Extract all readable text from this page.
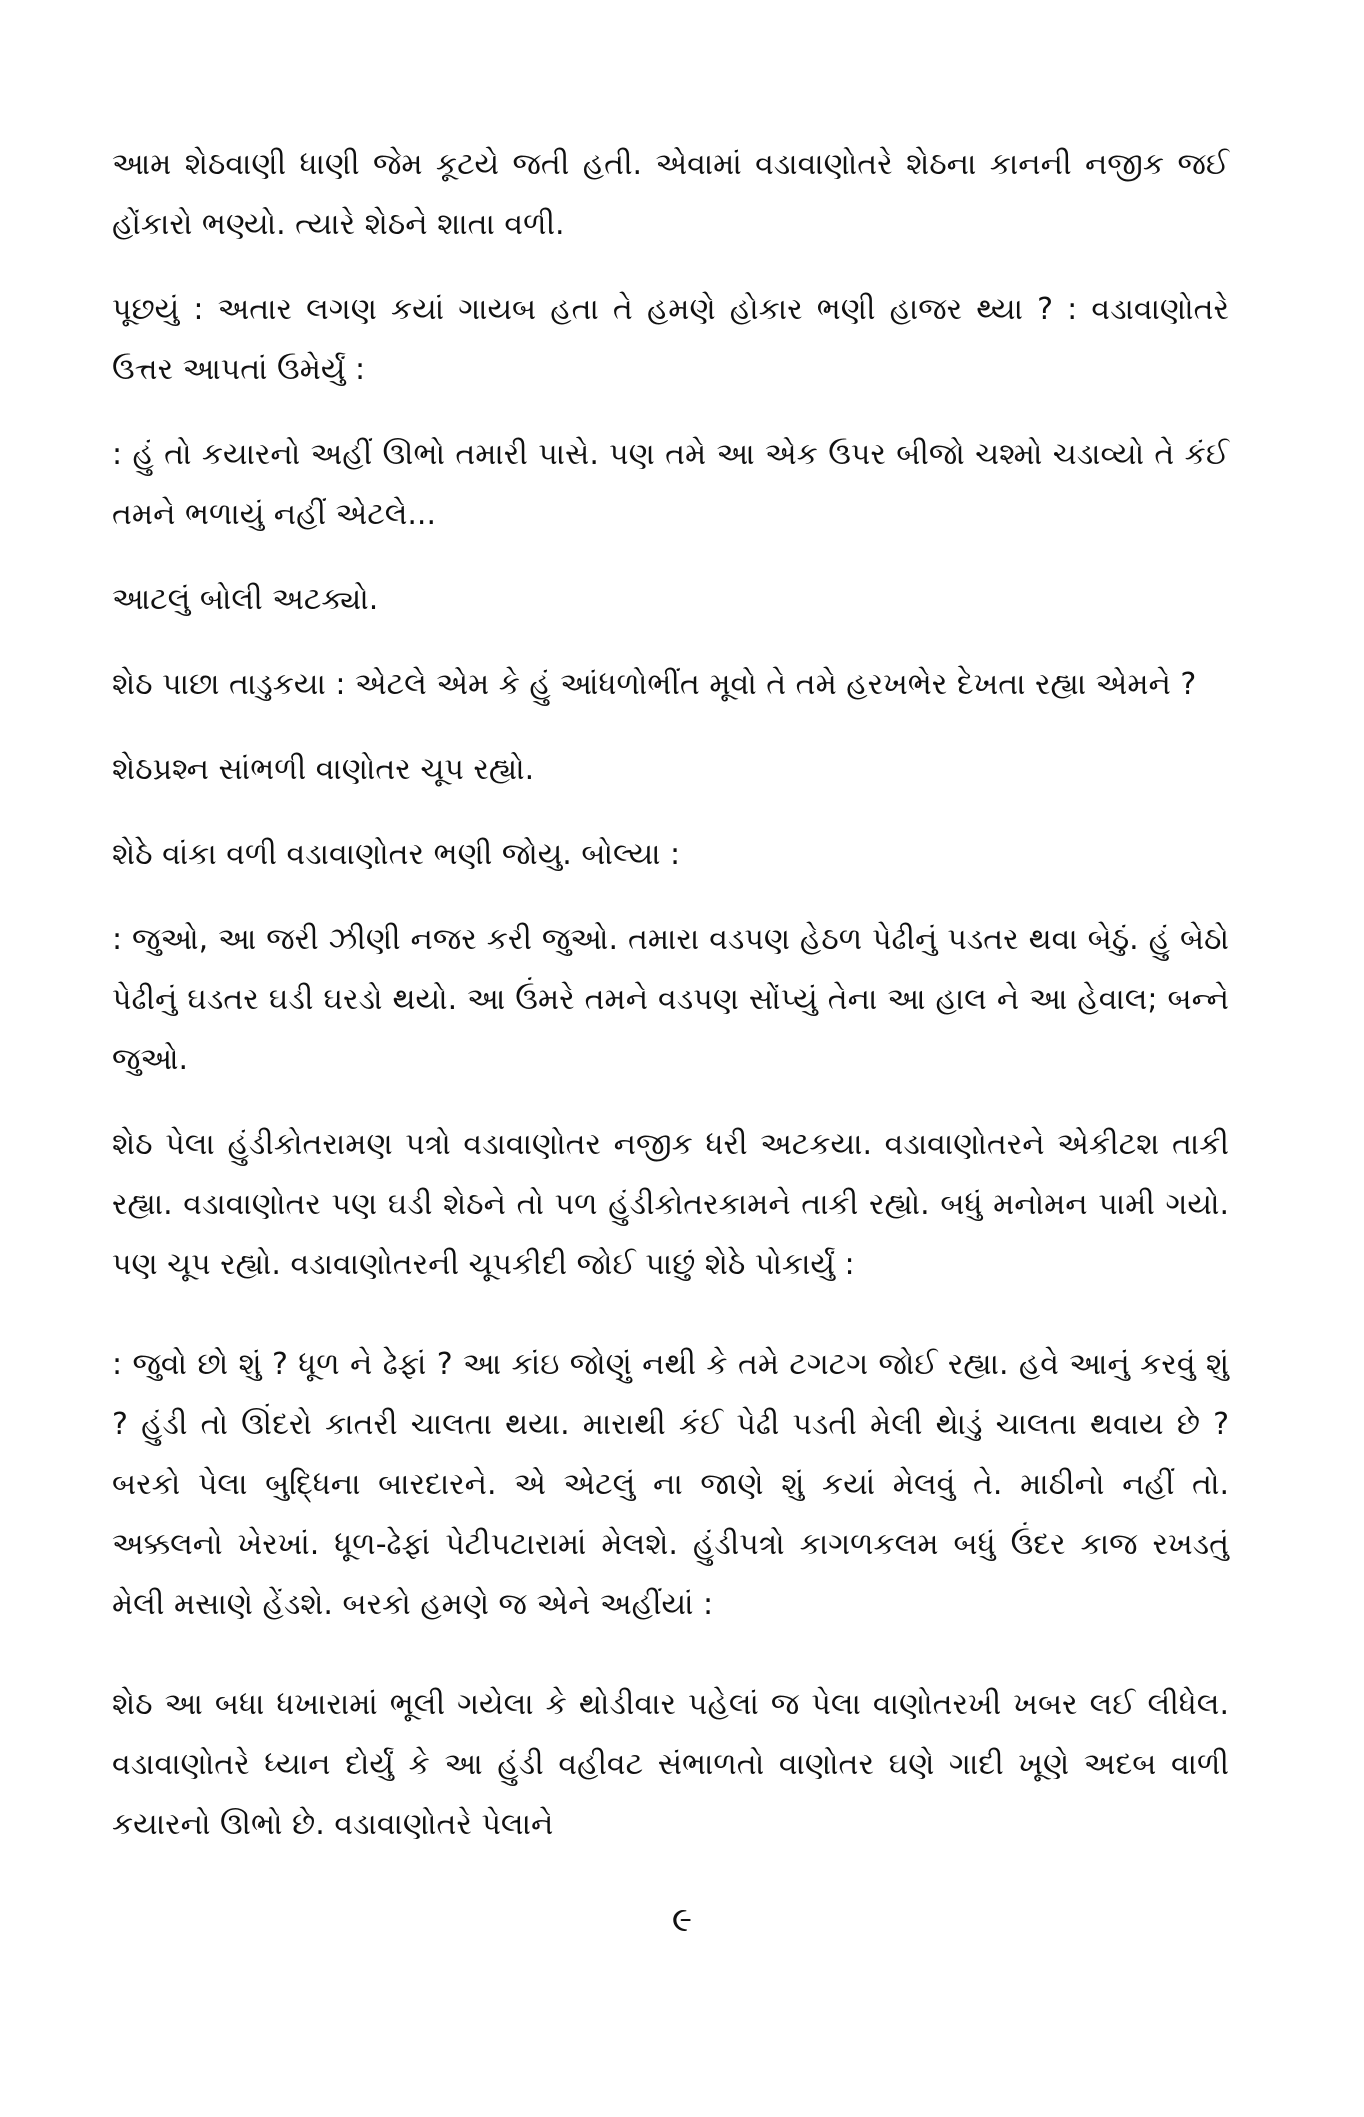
આમ શેઠવાણી ધાણી જેમ કૂટયે જતી હતી. એવામાં વડાવાણોતરે શેઠના કાનની નજીક જઈ હોંકારો ભણ્યો. ત્યારે શેઠને શાતા વળી.

પૂછયું : અતાર લગણ કયાં ગાયબ હતા તે હમણે હોકાર ભણી હાજર થ્યા ? : વડાવાણોતરે ઉત્તર આપતાં ઉમેર્યું :

: હું તો કયારનો અહીં ઊભો તમારી પાસે. પણ તમે આ એક ઉપર બીજો ચશ્મો ચડાવ્યો તે કંઈ તમને ભળાયું નહીં એટલે...

આટલું બોલી અટક્યો.

શેઠ પાછા તાડુકયા : એટલે એમ કે હું આંધળોભીંત મૂવો તે તમે હરખભેર દેખતા રહ્યા એમને ?

શેઠપ્રશ્ન સાંભળી વાણોતર ચૂપ રહ્યો.

શેઠે વાંકા વળી વડાવાણોતર ભણી જોયુ. બોલ્યા :

: જુઓ, આ જરી ઝીણી નજર કરી જુઓ. તમારા વડપણ હેઠળ પેઢીનું પડતર થવા બેઠું. હું બેઠો પેઢીનું ઘડતર ઘડી ઘરડો થયો. આ ઉંમરે તમને વડપણ સોંપ્યું તેના આ હાલ ને આ હેવાલ; બન્ને જુઓ.

શેઠ પેલા હુંડીકોતરામણ પત્રો વડાવાણોતર નજીક ધરી અટકયા. વડાવાણોતરને એકીટશ તાકી રહ્યા. વડાવાણોતર પણ ઘડી શેઠને તો પળ હુંડીકોતરકામને તાકી રહ્યો. બધું મનોમન પામી ગયો. પણ ચૂપ રહ્યો. વડાવાણોતરની ચૂપકીદી જોઈ પાછું શેઠે પોકાર્યું :

: જુવો છો શું ? ધૂળ ને ઢેફાં ? આ કાંઇ જોણું નથી કે તમે ટગટગ જોઈ રહ્યા. હવે આનું કરવું શું ? હુંડી તો ઊંદરો કાતરી ચાલતા થયા. મારાથી કંઈ પેઢી પડતી મેલી થેાડું ચાલતા થવાય છે ? બરકો પેલા બુદ્ધિના બારદારને. એ એટલું ના જાણે શું કયાં મેલવું તે. માઠીનો નહીં તો. અક્કલનો ખેરખાં. ધૂળ-ઢેફાં પેટીપટારામાં મેલશે. હુંડીપત્રો કાગળકલમ બધું ઉંદર કાજ રખડતું મેલી મસાણે હેંડશે. બરકો હમણે જ એને અહીંયાં :

શેઠ આ બધા ધખારામાં ભૂલી ગયેલા કે થોડીવાર પહેલાં જ પેલા વાણોતરખી ખબર લઈ લીધેલ. વડાવાણોતરે ધ્યાન દોર્યું કે આ હુંડી વહીવટ સંભાળતો વાણોતર ઘણે ગાદી ખૂણે અદબ વાળી કયારનો ઊભો છે. વડાવાણોતરે પેલાને

૯
